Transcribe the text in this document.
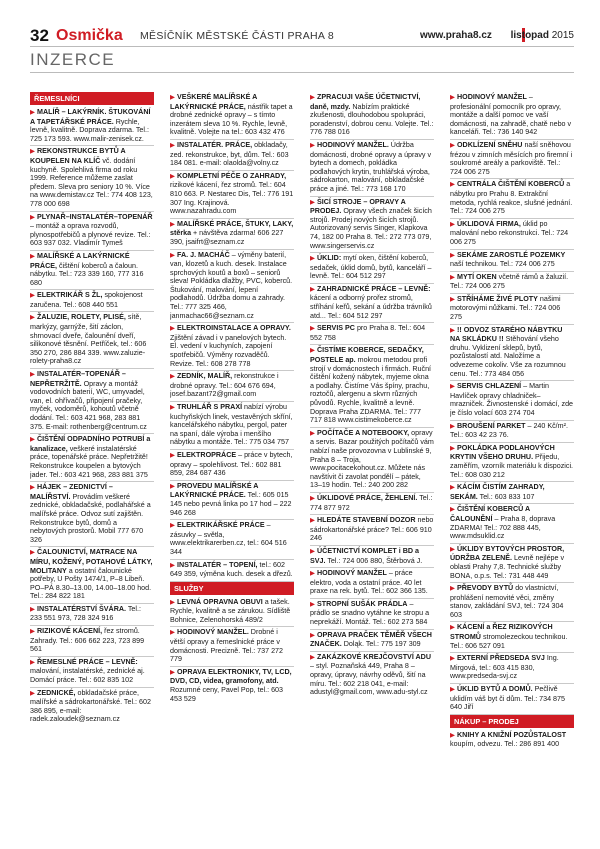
32 Osmička MĚSÍČNÍK MĚSTSKÉ ČÁSTI PRAHA 8	www.praha8.cz listopad 2015
INZERCE
ŘEMESLNÍCI
▶ MALÍŘ – LAKÝRNÍK. ŠTUKOVÁNÍ A TAPETÁŘSKÉ PRÁCE. Rychle, levně, kvalitně. Doprava zdarma. Tel.: 725 173 593. www.malir-zenisek.cz.
▶ REKONSTRUKCE BYTŮ A KOUPELEN NA KLÍČ vč. dodání kuchyně. Spolehlivá firma od roku 1999. Reference můžeme zaslat předem. Sleva pro seniory 10 %. Více na www.demistav.cz Tel.: 774 408 123, 778 000 698
▶ PLYNAŘ–INSTALATÉR–TOPENÁŘ – montáž a oprava rozvodů, plynospotřebičů a plynové revize. Tel.: 603 937 032. Vladimír Tymeš
▶ MALÍŘSKÉ A LAKÝRNICKÉ PRÁCE, čištění koberců a čaloun. nábytku. Tel.: 723 339 160, 777 316 680
▶ ELEKTRIKÁŘ S ŽL, spokojenost zaručena. Tel.: 608 440 551
▶ ŽALUZIE, ROLETY, PLISÉ, sítě, markýzy, garnýže, šití záclon, shrnovací dveře, čalounění dveří, silikonové těsnění. Petříček, tel.: 606 350 270, 286 884 339. www.zaluzie-rolety-praha8.cz
▶ INSTALATÉR–TOPENÁŘ – NEPŘETRŽITĚ. Opravy a montáž vodovodních baterií, WC, umyvadel, van, el. ohřívačů, připojení pračeky, myček, vodoměrů, kohoutů včetně dodání. Tel.: 603 421 968, 283 881 375. E-mail: rothenberg@centrum.cz
▶ ČIŠTĚNÍ ODPADNÍHO POTRUBÍ a kanalizace, veškeré instalatérské práce, topenářské práce. Nepřetržitě! Rekonstrukce koupelen a bytových jader. Tel.: 603 421 968, 283 881 375
▶ HÁJEK – ZEDNICTVÍ – MALÍŘSTVÍ. Provádím veškeré zednické, obkladačské, podlahářské a malířské práce. Odvoz sutí zajištěn. Rekonstrukce bytů, domů a nebytových prostorů. Mobil 777 670 326
▶ ČALOUNICTVÍ, MATRACE NA MÍRU, KOŽENÝ, POTAHOVÉ LÁTKY, MOLITANY a ostatní čalounické potřeby, U Pošty 1474/1, P–8 Libeň. PO–PÁ 8.30–13.00, 14.00–18.00 hod. Tel.: 284 822 181
▶ INSTALATÉRSTVÍ ŠVÁRA. Tel.: 233 551 973, 728 324 916
▶ RIZIKOVÉ KÁCENÍ, řez stromů. Zahrady. Tel.: 606 662 223, 723 899 561
▶ ŘEMESLNÉ PRÁCE – LEVNĚ: malování, instalatérské, zednické aj. Domácí práce. Tel.: 602 835 102
▶ ZEDNICKÉ, obkladačské práce, malířské a sádrokartonářské. Tel.: 602 386 895, e-mail: radek.zaloudek@seznam.cz
▶ VEŠKERÉ MALÍŘSKÉ A LAKÝRNICKÉ PRÁCE, nástřik tapet a drobné zednické opravy – s tímto inzerátem sleva 10 %. Rychle, levně, kvalitně. Volejte na tel.: 603 432 476
▶ INSTALATÉR. PRÁCE, obkladačy, zed. rekonstrukce, byt, dům. Tel.: 603 184 081. e-mail: olaolda@volny.cz
▶ KOMPLETNÍ PÉČE O ZAHRADY, rizikové kácení, řez stromů. Tel.: 604 810 663. P. Nestarec Dis, Tel.: 776 191 307 Ing. Krajinová. www.nazahradu.com
▶ MALÍŘSKÉ PRÁCE, ŠTUKY, LAKY, stěrka + návštěva zdarma! 606 227 390, jsaifrt@seznam.cz
▶ FA. J. MACHÁČ – výměny baterií, van, klozetů a kuch. desek. Instalace sprchových koutů a boxů – seniorů sleva! Pokládka dlažby, PVC, koberců. Štukování, malování, lepení podlahodů. Údržba domu a zahrady. Tel.: 777 325 466, janmachac66@seznam.cz
▶ ELEKTROINSTALACE A OPRAVY. Zjištění závad i v panelových bytech. El. vedení v kuchyních, zapojení spotřebičů. Výměny rozvaděčů. Revize. Tel.: 608 278 778
▶ ZEDNÍK, MALÍŘ, rekonstrukce i drobné opravy. Tel.: 604 676 694, josef.bazant72@gmail.com
▶ TRUHLÁŘ S PRAXÍ nabízí výrobu kuchyňských linek, vestavěných skříní, kancelářského nábytku, pergol, pater na spaní, dále výroba i menšího nábytku a montáže. Tel.: 775 034 757
▶ ELEKTROPRÁCE – práce v bytech, opravy – spolehlivost. Tel.: 602 881 859, 284 687 436
▶ PROVEDU MALÍŘSKÉ A LAKÝRNICKÉ PRÁCE. Tel.: 605 015 145 nebo pevná linka po 17 hod – 222 946 268
▶ ELEKTRIKÁŘSKÉ PRÁCE – zásuvky – světla, www.elektrikarerben.cz, tel.: 604 516 344
▶ INSTALATÉR – TOPENÍ, tel.: 602 649 359, výměna kuch. desek a dřezů.
SLUŽBY
▶ LEVNÁ OPRAVNA OBUVI a tašek. Rychle, kvalitně a se zárukou. Sídliště Bohnice, Zelenohorská 489/2
▶ HODINOVÝ MANŽEL. Drobné i větší opravy a řemeslnické práce v domácnosti. Precizně. Tel.: 737 272 779
▶ OPRAVA ELEKTRONIKY, TV, LCD, DVD, CD, videa, gramofony, atd. Rozumné ceny, Pavel Pop, tel.: 603 453 529
▶ ZPRACUJI VAŠE ÚČETNICTVÍ, daně, mzdy. Nabízím praktické zkušenosti, dlouhodobou spolupráci, poradenství, dobrou cenu. Volejte. Tel.: 776 788 016
▶ HODINOVÝ MANŽEL. Údržba domácnosti, drobné opravy a úpravy v bytech a domech, pokládka podlahových krytin, truhlářská výroba, sádrokarton, malování, obkladačské práce a jiné. Tel.: 773 168 170
▶ ŠICÍ STROJE – OPRAVY A PRODEJ. Opravy všech značek šicích strojů. Prodej nových šicích strojů. Autorizovaný servis Singer, Klapkova 74, 182 00 Praha 8. Tel.: 272 773 079, www.singerservis.cz
▶ ÚKLID: mytí oken, čištění koberců, sedaček, úklid domů, bytů, kanceláří – levně. Tel.: 604 512 297
▶ ZAHRADNICKÉ PRÁCE – LEVNĚ: kácení a odborný prořez stromů, stříhání keřů, sekání a údržba trávníků atd... Tel.: 604 512 297
▶ SERVIS PC pro Praha 8. Tel.: 604 552 758
▶ ČISTÍME KOBERCE, SEDAČKY, POSTELE ap. mokrou metodou profi strojí v domácnostech i firmách. Ruční čištění kožený nábytek, myjeme okna a podlahy. Čistíme Vás špíny, prachu, roztočů, alergenu a skvrn různých původů. Rychle, kvalitně a levně. Doprava Praha ZDARMA. Tel.: 777 717 818 www.cistimekoberce.cz
▶ POČÍTAČE A NOTEBOOKY, opravy a servis. Bazar použitých počítačů vám nabízí naše provozovna v Lublinské 9, Praha 8 – Troja, www.pocitacekohout.cz. Můžete nás navštívit či zavolat pondělí – pátek, 13–19 hodin. Tel.: 240 200 282
▶ ÚKLIDOVÉ PRÁCE, ŽEHLENÍ. Tel.: 774 877 972
▶ HLEDÁTE STAVEBNÍ DOZOR nebo sádrokartonářské práce? Tel.: 606 910 246
▶ ÚČETNICTVÍ KOMPLET i BD a SVJ. Tel.: 724 006 880, Štěrbová J.
▶ HODINOVÝ MANŽEL – práce elektro, voda a ostatní práce. 40 let praxe na rek. bytů. Tel.: 602 366 135.
▶ STROPNÍ SUŠÁK PRÁDLA – prádlo se snadno vytáhne ke stropu a neprekáží. Montáž. Tel.: 602 273 584
▶ OPRAVA PRAČEK TĚMĚŘ VŠECH ZNAČEK. Doląk. Tel.: 775 197 309
▶ ZAKÁZKOVÉ KREJČOVSTVÍ ADU – styl. Poznaňská 449, Praha 8 – opravy, úpravy, návrhy oděvů, šití na míru. Tel.: 602 218 041, e-mail: adustyl@gmail.com, www.adu-styl.cz
▶ HODINOVÝ MANŽEL – profesionální pomocník pro opravy, montáže a další pomoc ve vaší domácnosti, na zahradě, chatě nebo v kanceláři. Tel.: 736 140 942
▶ ODKLÍZENÍ SNĚHU naší sněhovou frézou v zimních měsících pro firemní i soukromé areály a parkoviště. Tel.: 724 006 275
▶ CENTRÁLA ČIŠTĚNÍ KOBERCŮ a nábytku pro Prahu 8. Extrakční metoda, rychlá reakce, slušné jednání. Tel.: 724 006 275
▶ ÚKLIDOVÁ FIRMA, úklid po malování nebo rekonstrukci. Tel.: 724 006 275
▶ SEKÁME ZAROSTLÉ POZEMKY naší technikou. Tel.: 724 006 275
▶ MYTÍ OKEN včetně rámů a žaluzií. Tel.: 724 006 275
▶ STŘÍHÁME ŽIVÉ PLOTY našimi motorovými nůžkami. Tel.: 724 006 275
▶ !! ODVOZ STARÉHO NÁBYTKU NA SKLÁDKU !! Stěhování všeho druhu. Vyklizení sklepů, bytů, pozůstalostí atd. Naložíme a odvezeme cokoliv. Vše za rozumnou cenu. Tel.: 773 484 056
▶ SERVIS CHLAZENÍ – Martin Havlíček opravy chladniček–mrazniček. Živnostenské i domácí, zde je číslo volací 603 274 704
▶ BROUŠENÍ PARKET – 240 Kč/m². Tel.: 603 42 23 76.
▶ POKLÁDKA PODLAHOVÝCH KRYTIN VŠEHO DRUHU. Přijedu, zaměřím, vzorník materiálu k dispozici. Tel.: 608 030 212
▶ KÁCÍM ČISTÍM ZAHRADY, SEKÁM. Tel.: 603 833 107
▶ ČIŠTĚNÍ KOBERCŮ A ČALOUNĚNÍ – Praha 8, doprava ZDARMA! Tel.: 702 888 445, www.mdsuklid.cz
▶ ÚKLIDY BYTOVÝCH PROSTOR, ÚDRŽBA ZELENĚ. Levně nejlépe v oblasti Prahy 7,8. Technické služby BONA, o.p.s. Tel.: 731 448 449
▶ PŘEVODY BYTŮ do vlastnictví, prohlášení nemovité věci, změny stanov, zakládání SVJ, tel.: 724 304 603
▶ KÁCENÍ a ŘEZ RIZIKOVÝCH STROMŮ stromolezeckou technikou. Tel.: 606 527 091
▶ EXTERNÍ PŘEDSEDA SVJ Ing. Mirgová, tel.: 603 415 830, www.predseda-svj.cz
▶ ÚKLID BYTŮ A DOMŮ. Pečlivě uklidím váš byt či dům. Tel.: 734 875 640 Jiří
NÁKUP – PRODEJ
▶ KNIHY A KNIŽNÍ POZŮSTALOST koupím, odvezu. Tel.: 286 891 400
